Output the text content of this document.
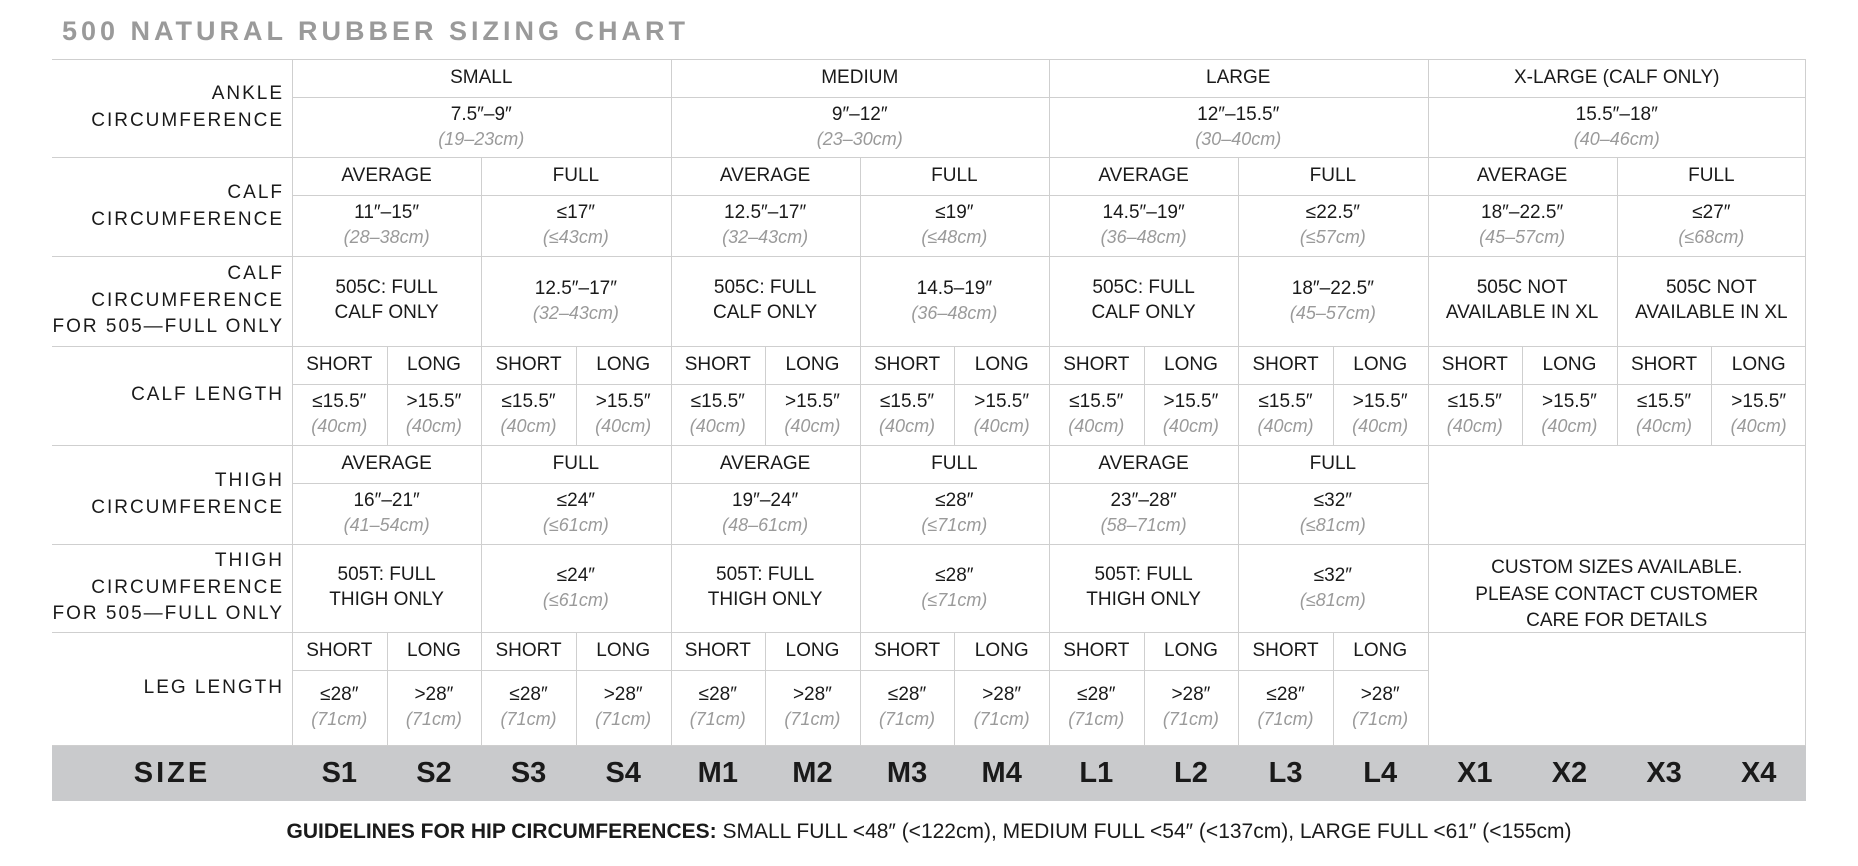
500 NATURAL RUBBER SIZING CHART
ANKLE
CIRCUMFERENCE
SMALL
7.5″–9″
(19–23cm)
MEDIUM
9″–12″
(23–30cm)
LARGE
12″–15.5″
(30–40cm)
X-LARGE (CALF ONLY)
15.5″–18″
(40–46cm)
CALF
CIRCUMFERENCE
AVERAGE
11″–15″
(28–38cm)
FULL
≤17″
(≤43cm)
AVERAGE
12.5″–17″
(32–43cm)
FULL
≤19″
(≤48cm)
AVERAGE
14.5″–19″
(36–48cm)
FULL
≤22.5″
(≤57cm)
AVERAGE
18″–22.5″
(45–57cm)
FULL
≤27″
(≤68cm)
CALF
CIRCUMFERENCE
FOR 505—FULL ONLY
505C: FULL
CALF ONLY
12.5″–17″
(32–43cm)
505C: FULL
CALF ONLY
14.5–19″
(36–48cm)
505C: FULL
CALF ONLY
18″–22.5″
(45–57cm)
505C NOT
AVAILABLE IN XL
505C NOT
AVAILABLE IN XL
CALF LENGTH
SHORT
≤15.5″
(40cm)
LONG
>15.5″
(40cm)
SHORT
≤15.5″
(40cm)
LONG
>15.5″
(40cm)
SHORT
≤15.5″
(40cm)
LONG
>15.5″
(40cm)
SHORT
≤15.5″
(40cm)
LONG
>15.5″
(40cm)
SHORT
≤15.5″
(40cm)
LONG
>15.5″
(40cm)
SHORT
≤15.5″
(40cm)
LONG
>15.5″
(40cm)
SHORT
≤15.5″
(40cm)
LONG
>15.5″
(40cm)
SHORT
≤15.5″
(40cm)
LONG
>15.5″
(40cm)
THIGH
CIRCUMFERENCE
AVERAGE
16″–21″
(41–54cm)
FULL
≤24″
(≤61cm)
AVERAGE
19″–24″
(48–61cm)
FULL
≤28″
(≤71cm)
AVERAGE
23″–28″
(58–71cm)
FULL
≤32″
(≤81cm)
THIGH
CIRCUMFERENCE
FOR 505—FULL ONLY
505T: FULL
THIGH ONLY
≤24″
(≤61cm)
505T: FULL
THIGH ONLY
≤28″
(≤71cm)
505T: FULL
THIGH ONLY
≤32″
(≤81cm)
LEG LENGTH
SHORT
≤28″
(71cm)
LONG
>28″
(71cm)
SHORT
≤28″
(71cm)
LONG
>28″
(71cm)
SHORT
≤28″
(71cm)
LONG
>28″
(71cm)
SHORT
≤28″
(71cm)
LONG
>28″
(71cm)
SHORT
≤28″
(71cm)
LONG
>28″
(71cm)
SHORT
≤28″
(71cm)
LONG
>28″
(71cm)
CUSTOM SIZES AVAILABLE.
PLEASE CONTACT CUSTOMER
CARE FOR DETAILS
SIZE	S1 S2 S3 S4 M1 M2 M3 M4 L1 L2 L3 L4 X1 X2 X3 X4
GUIDELINES FOR HIP CIRCUMFERENCES: SMALL FULL <48″ (<122cm), MEDIUM FULL <54″ (<137cm), LARGE FULL <61″ (<155cm)
